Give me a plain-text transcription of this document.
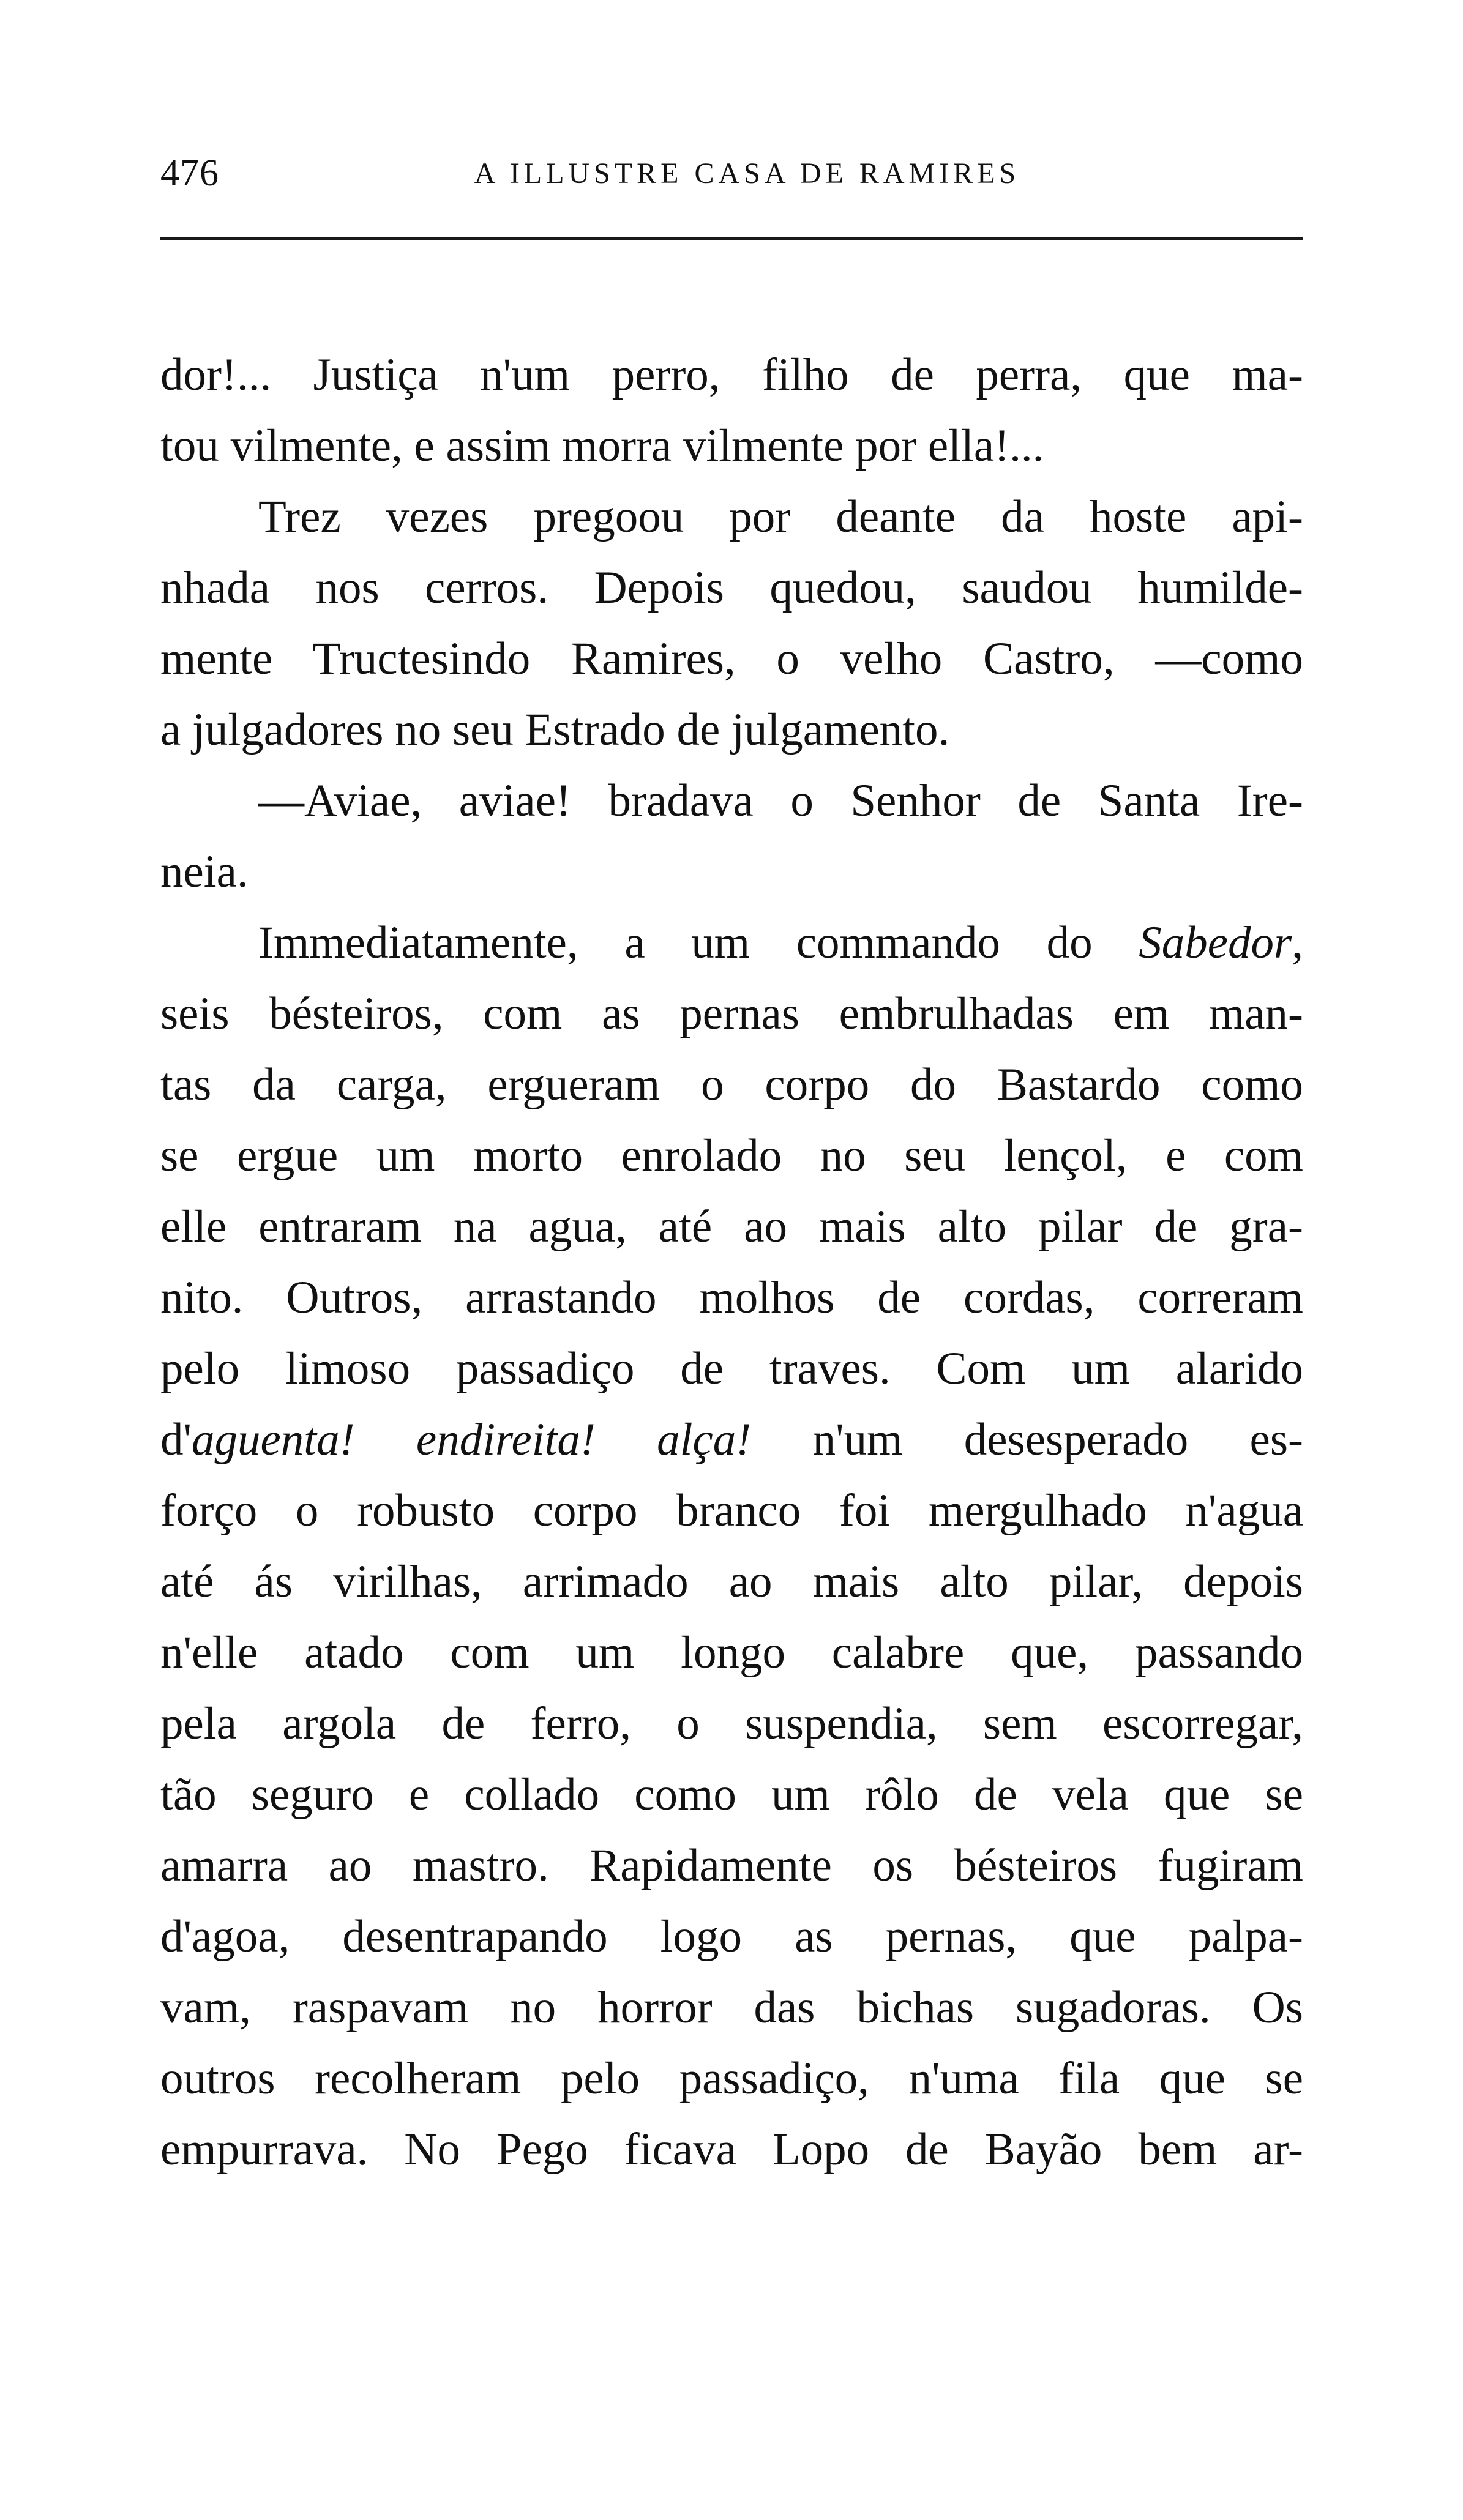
476	A ILLUSTRE CASA DE RAMIRES
dor!... Justiça n'um perro, filho de perra, que ma-
tou vilmente, e assim morra vilmente por ella!...
Trez vezes pregoou por deante da hoste api-
nhada nos cerros. Depois quedou, saudou humilde-
mente Tructesindo Ramires, o velho Castro, —como
a julgadores no seu Estrado de julgamento.
—Aviae, aviae! bradava o Senhor de Santa Ire-
neia.
Immediatamente, a um commando do Sabedor,
seis bésteiros, com as pernas embrulhadas em man-
tas da carga, ergueram o corpo do Bastardo como
se ergue um morto enrolado no seu lençol, e com
elle entraram na agua, até ao mais alto pilar de gra-
nito. Outros, arrastando molhos de cordas, correram
pelo limoso passadiço de traves. Com um alarido
d'aguenta! endireita! alça! n'um desesperado es-
forço o robusto corpo branco foi mergulhado n'agua
até ás virilhas, arrimado ao mais alto pilar, depois
n'elle atado com um longo calabre que, passando
pela argola de ferro, o suspendia, sem escorregar,
tão seguro e collado como um rôlo de vela que se
amarra ao mastro. Rapidamente os bésteiros fugiram
d'agoa, desentrapando logo as pernas, que palpa-
vam, raspavam no horror das bichas sugadoras. Os
outros recolheram pelo passadiço, n'uma fila que se
empurrava. No Pego ficava Lopo de Bayão bem ar-
